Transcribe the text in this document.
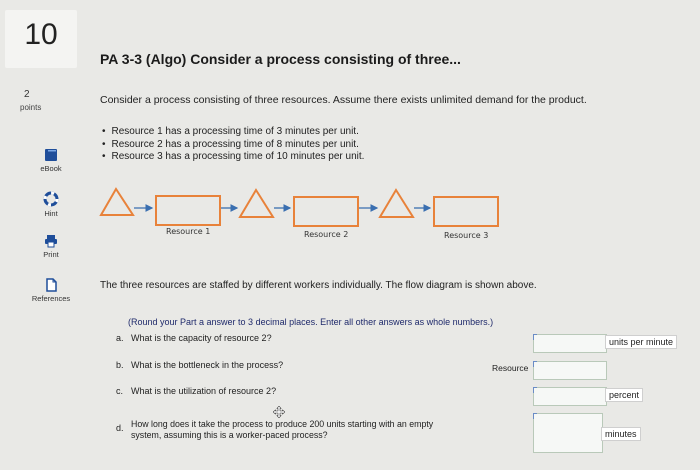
10
2
points
eBook
Hint
Print
References
PA 3-3 (Algo) Consider a process consisting of three...
Consider a process consisting of three resources. Assume there exists unlimited demand for the product.
• Resource 1 has a processing time of 3 minutes per unit.
• Resource 2 has a processing time of 8 minutes per unit.
• Resource 3 has a processing time of 10 minutes per unit.
Resource 1	Resource 2	Resource 3
The three resources are staffed by different workers individually. The flow diagram is shown above.
(Round your Part a answer to 3 decimal places. Enter all other answers as whole numbers.)
a. What is the capacity of resource 2?	units per minute
b. What is the bottleneck in the process?	Resource
c. What is the utilization of resource 2?	percent
d. How long does it take the process to produce 200 units starting with an empty system, assuming this is a worker-paced process?	minutes
